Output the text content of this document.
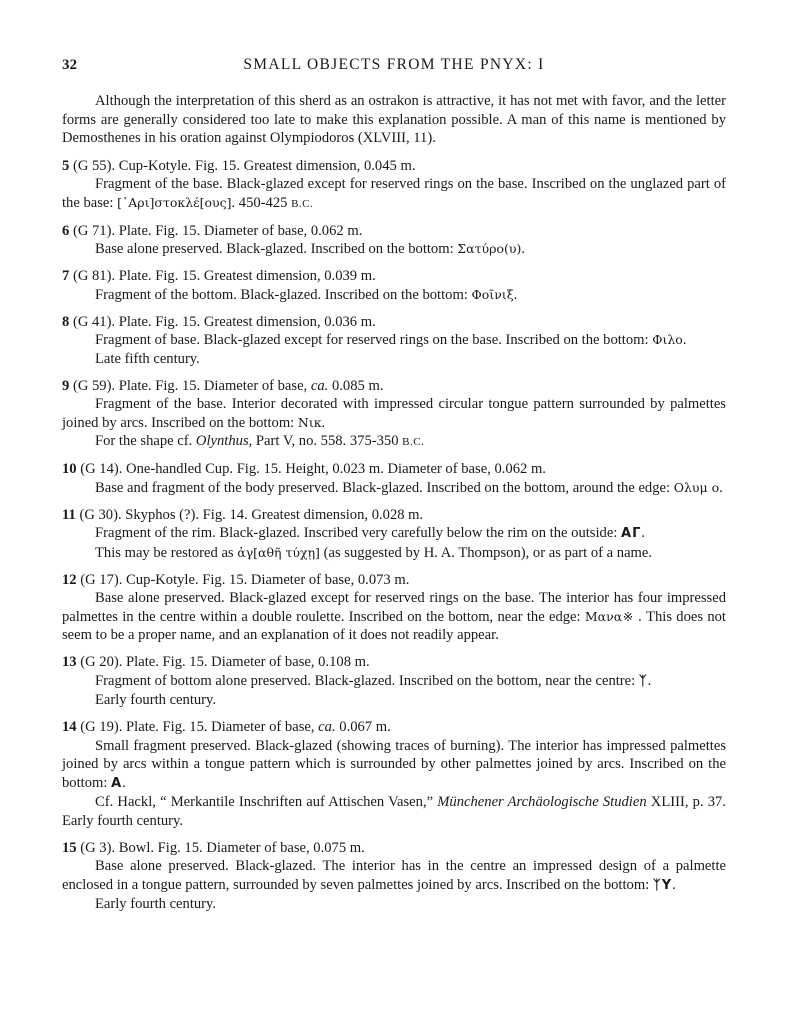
32	SMALL OBJECTS FROM THE PNYX: I

Although the interpretation of this sherd as an ostrakon is attractive, it has not met with favor, and the letter forms are generally considered too late to make this explanation possible. A man of this name is mentioned by Demosthenes in his oration against Olympiodoros (XLVIII, 11).

5 (G 55). Cup-Kotyle. Fig. 15. Greatest dimension, 0.045 m.

Fragment of the base. Black-glazed except for reserved rings on the base. Inscribed on the unglazed part of the base: [᾿Αρι]στοκλέ[ους]. 450-425 B.C.

6 (G 71). Plate. Fig. 15. Diameter of base, 0.062 m.

Base alone preserved. Black-glazed. Inscribed on the bottom: Σατύρο(υ).

7 (G 81). Plate. Fig. 15. Greatest dimension, 0.039 m.

Fragment of the bottom. Black-glazed. Inscribed on the bottom: Φοῖνιξ.

8 (G 41). Plate. Fig. 15. Greatest dimension, 0.036 m.

Fragment of base. Black-glazed except for reserved rings on the base. Inscribed on the bottom: Φιλο.

Late fifth century.

9 (G 59). Plate. Fig. 15. Diameter of base, ca. 0.085 m.

Fragment of the base. Interior decorated with impressed circular tongue pattern surrounded by palmettes joined by arcs. Inscribed on the bottom: Νικ.

For the shape cf. Olynthus, Part V, no. 558. 375-350 B.C.

10 (G 14). One-handled Cup. Fig. 15. Height, 0.023 m. Diameter of base, 0.062 m.

Base and fragment of the body preserved. Black-glazed. Inscribed on the bottom, around the edge: Ολυμ ο.

11 (G 30). Skyphos (?). Fig. 14. Greatest dimension, 0.028 m.

Fragment of the rim. Black-glazed. Inscribed very carefully below the rim on the outside: ΑΓ.

This may be restored as ἀγ[αθῆ τύχῃ] (as suggested by H. A. Thompson), or as part of a name.

12 (G 17). Cup-Kotyle. Fig. 15. Diameter of base, 0.073 m.

Base alone preserved. Black-glazed except for reserved rings on the base. The interior has four impressed palmettes in the centre within a double roulette. Inscribed on the bottom, near the edge: Μανα※ . This does not seem to be a proper name, and an explanation of it does not readily appear.

13 (G 20). Plate. Fig. 15. Diameter of base, 0.108 m.

Fragment of bottom alone preserved. Black-glazed. Inscribed on the bottom, near the centre: ᛉ.

Early fourth century.

14 (G 19). Plate. Fig. 15. Diameter of base, ca. 0.067 m.

Small fragment preserved. Black-glazed (showing traces of burning). The interior has impressed palmettes joined by arcs within a tongue pattern which is surrounded by other palmettes joined by arcs. Inscribed on the bottom: A.

Cf. Hackl, “ Merkantile Inschriften auf Attischen Vasen,” Münchener Archäologische Studien XLIII, p. 37. Early fourth century.

15 (G 3). Bowl. Fig. 15. Diameter of base, 0.075 m.

Base alone preserved. Black-glazed. The interior has in the centre an impressed design of a palmette enclosed in a tongue pattern, surrounded by seven palmettes joined by arcs. Inscribed on the bottom: ᛉΥ.

Early fourth century.
